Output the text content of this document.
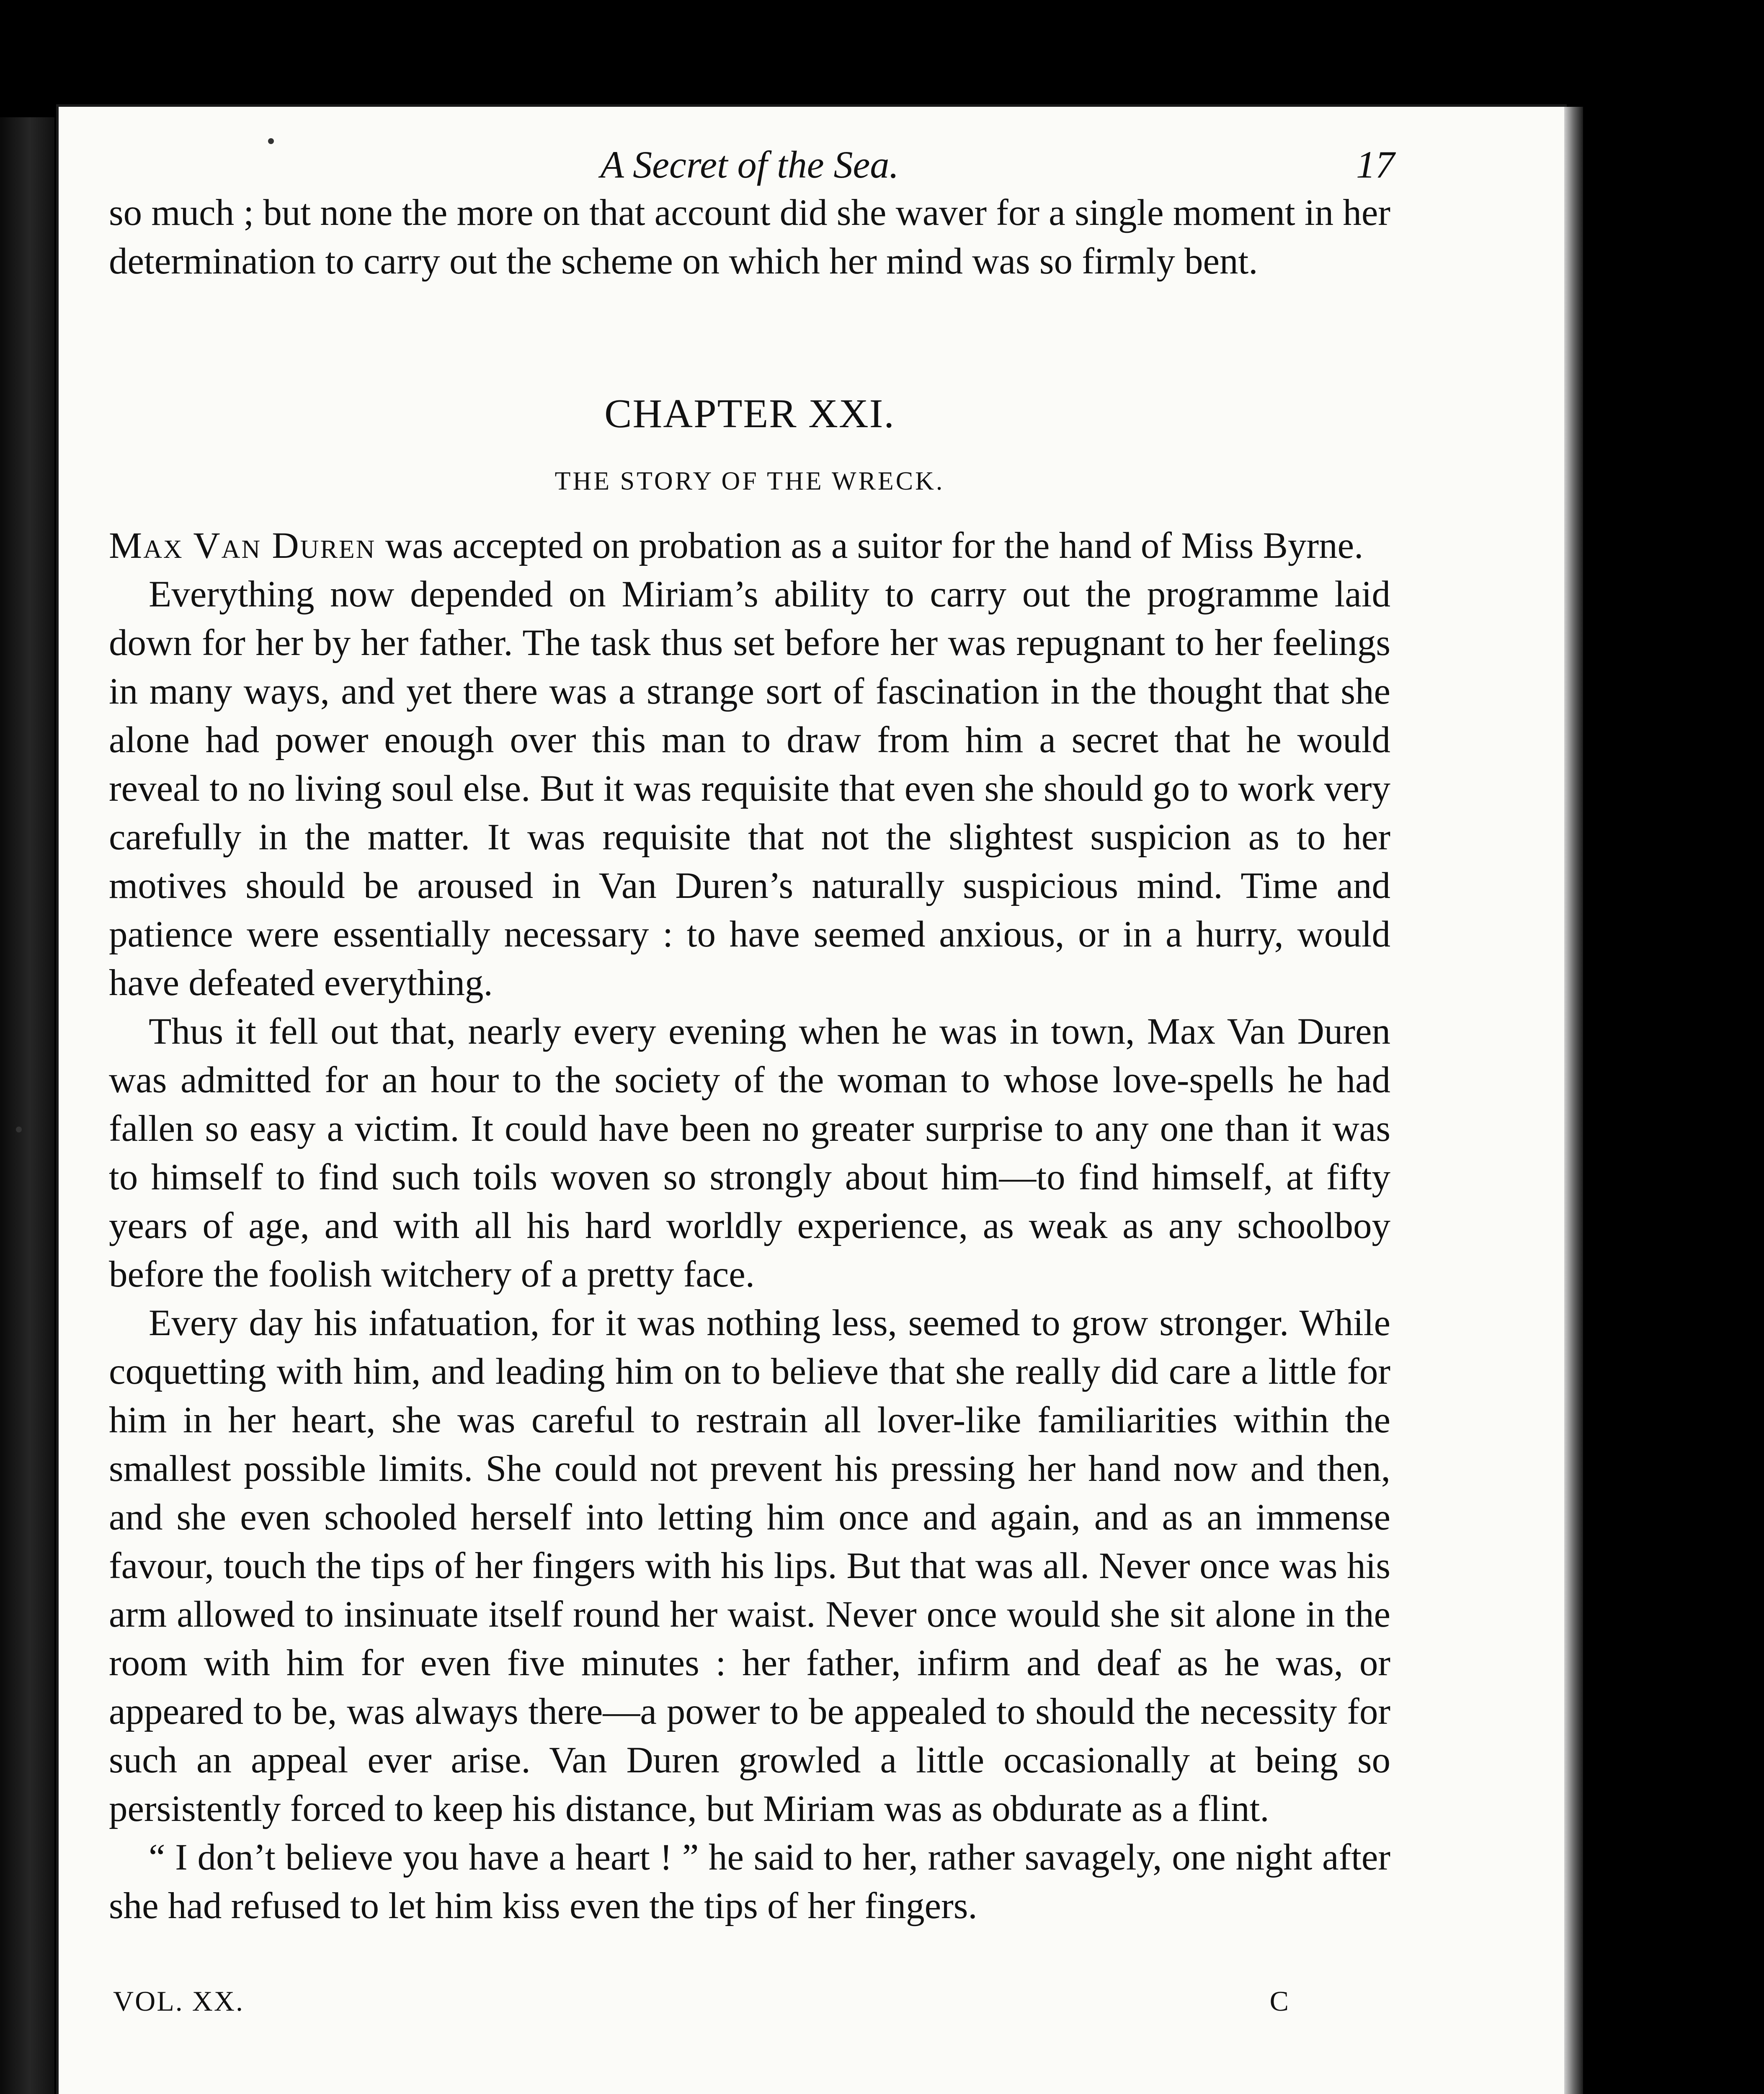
A Secret of the Sea.	17

so much ; but none the more on that account did she waver for a single moment in her determination to carry out the scheme on which her mind was so firmly bent.

CHAPTER XXI.
THE STORY OF THE WRECK.

Max Van Duren was accepted on probation as a suitor for the hand of Miss Byrne.

Everything now depended on Miriam’s ability to carry out the programme laid down for her by her father. The task thus set before her was repugnant to her feelings in many ways, and yet there was a strange sort of fascination in the thought that she alone had power enough over this man to draw from him a secret that he would reveal to no living soul else. But it was requisite that even she should go to work very carefully in the matter. It was requisite that not the slightest suspicion as to her motives should be aroused in Van Duren’s naturally suspicious mind. Time and patience were essentially necessary : to have seemed anxious, or in a hurry, would have defeated everything.

Thus it fell out that, nearly every evening when he was in town, Max Van Duren was admitted for an hour to the society of the woman to whose love-spells he had fallen so easy a victim. It could have been no greater surprise to any one than it was to himself to find such toils woven so strongly about him—to find himself, at fifty years of age, and with all his hard worldly experience, as weak as any schoolboy before the foolish witchery of a pretty face.

Every day his infatuation, for it was nothing less, seemed to grow stronger. While coquetting with him, and leading him on to believe that she really did care a little for him in her heart, she was careful to restrain all lover-like familiarities within the smallest possible limits. She could not prevent his pressing her hand now and then, and she even schooled herself into letting him once and again, and as an immense favour, touch the tips of her fingers with his lips. But that was all. Never once was his arm allowed to insinuate itself round her waist. Never once would she sit alone in the room with him for even five minutes : her father, infirm and deaf as he was, or appeared to be, was always there—a power to be appealed to should the necessity for such an appeal ever arise. Van Duren growled a little occasionally at being so persistently forced to keep his distance, but Miriam was as obdurate as a flint.

“ I don’t believe you have a heart ! ” he said to her, rather savagely, one night after she had refused to let him kiss even the tips of her fingers.

VOL. XX.	C
